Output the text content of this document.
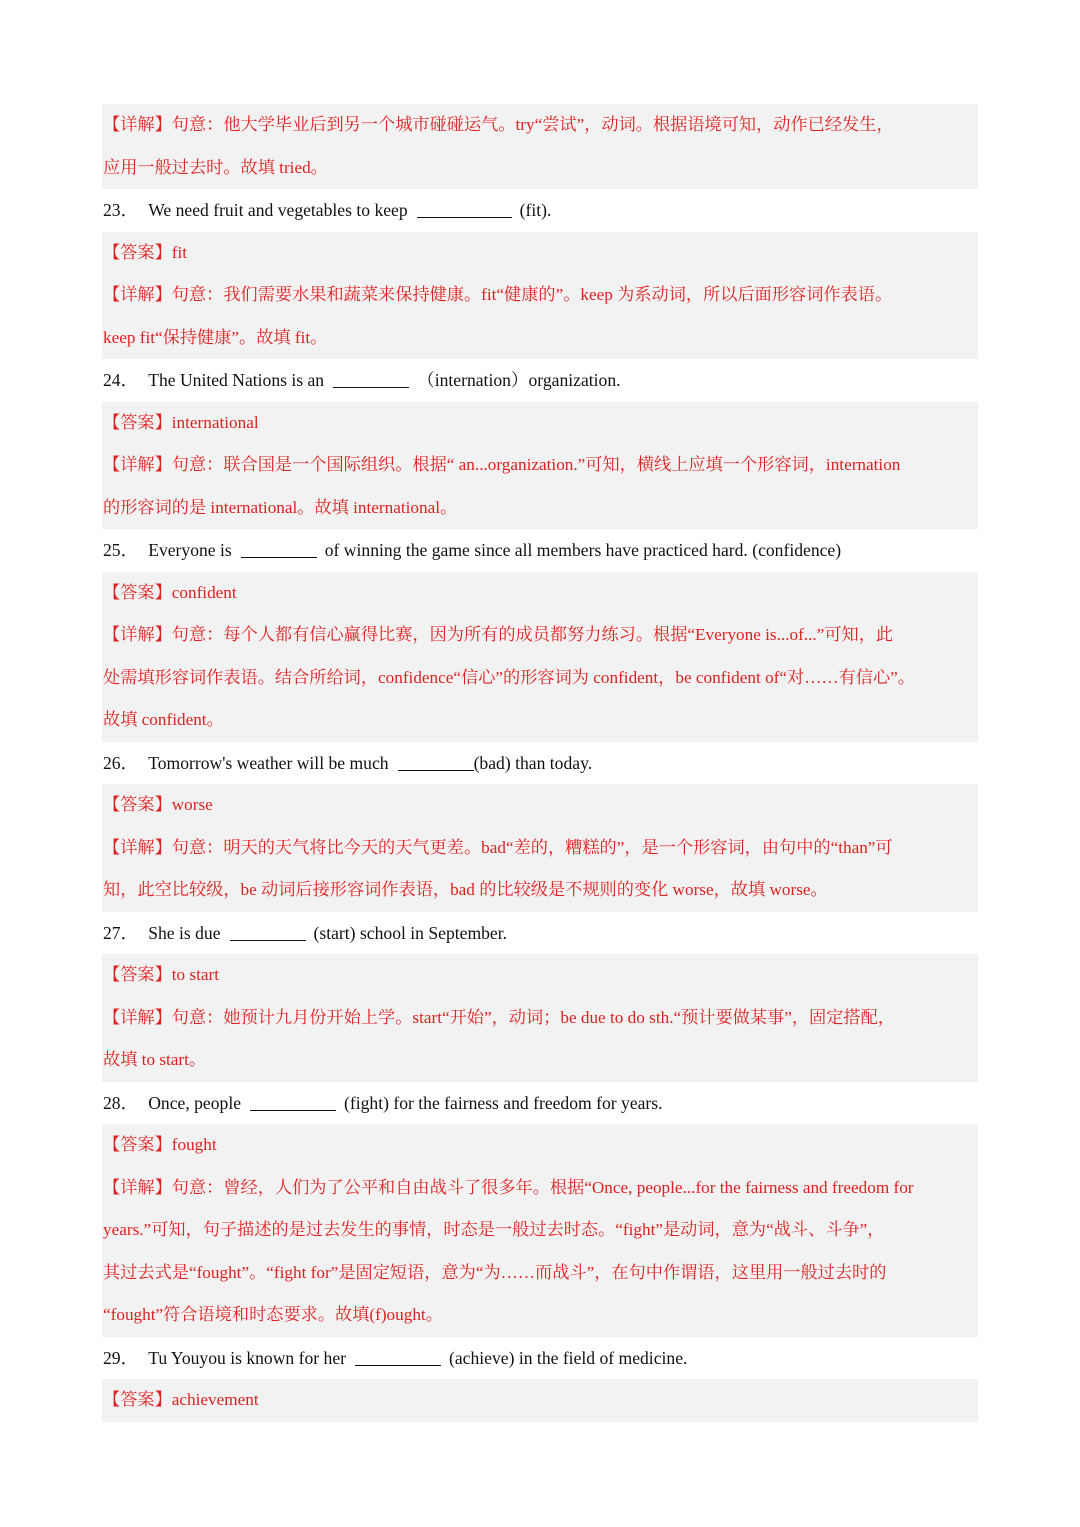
【详解】句意：他大学毕业后到另一个城市碰碰运气。try“尝试”，动词。根据语境可知，动作已经发生，
应用一般过去时。故填 tried。
23． We need fruit and vegetables to keep	(fit).
【答案】fit
【详解】句意：我们需要水果和蔬菜来保持健康。fit“健康的”。keep 为系动词，所以后面形容词作表语。
keep fit“保持健康”。故填 fit。
24． The United Nations is an	（internation）organization.
【答案】international
【详解】句意：联合国是一个国际组织。根据“ an...organization.”可知，横线上应填一个形容词，internation
的形容词的是 international。故填 international。
25． Everyone is	of winning the game since all members have practiced hard. (confidence)
【答案】confident
【详解】句意：每个人都有信心赢得比赛，因为所有的成员都努力练习。根据“Everyone is...of...”可知，此
处需填形容词作表语。结合所给词，confidence“信心”的形容词为 confident，be confident of“对……有信心”。
故填 confident。
26． Tomorrow's weather will be much	(bad) than today.
【答案】worse
【详解】句意：明天的天气将比今天的天气更差。bad“差的，糟糕的”，是一个形容词，由句中的“than”可
知，此空比较级，be 动词后接形容词作表语，bad 的比较级是不规则的变化 worse，故填 worse。
27． She is due	(start) school in September.
【答案】to start
【详解】句意：她预计九月份开始上学。start“开始”，动词；be due to do sth.“预计要做某事”，固定搭配，
故填 to start。
28． Once, people	(fight) for the fairness and freedom for years.
【答案】fought
【详解】句意：曾经，人们为了公平和自由战斗了很多年。根据“Once, people...for the fairness and freedom for
years.”可知，句子描述的是过去发生的事情，时态是一般过去时态。“fight”是动词，意为“战斗、斗争”，
其过去式是“fought”。“fight for”是固定短语，意为“为……而战斗”，在句中作谓语，这里用一般过去时的
“fought”符合语境和时态要求。故填(f)ought。
29． Tu Youyou is known for her	(achieve) in the field of medicine.
【答案】achievement
